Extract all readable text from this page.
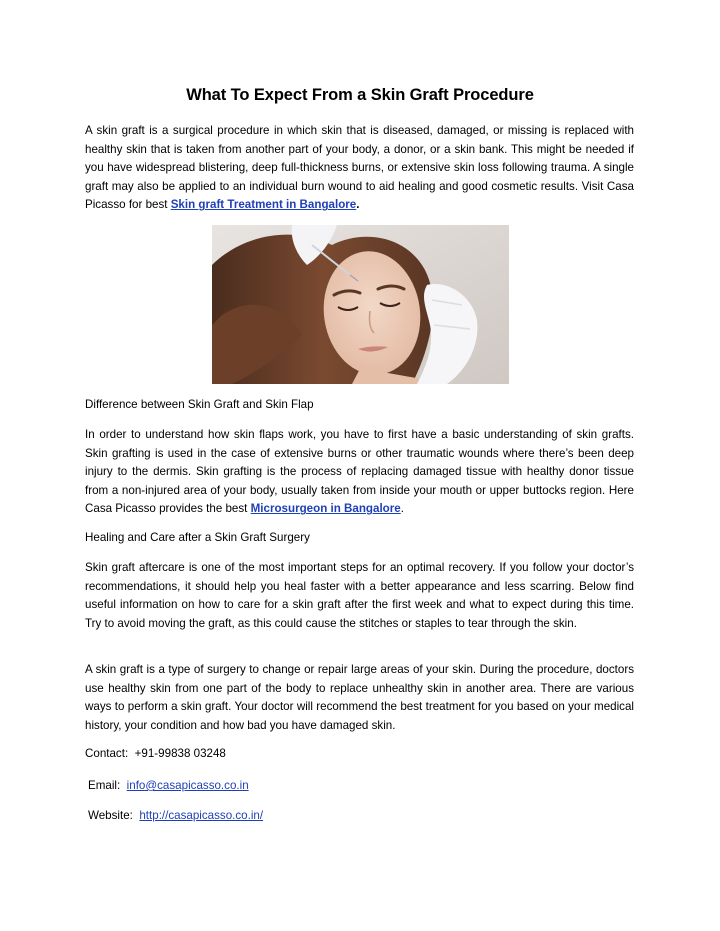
What To Expect From a Skin Graft Procedure

A skin graft is a surgical procedure in which skin that is diseased, damaged, or missing is replaced with healthy skin that is taken from another part of your body, a donor, or a skin bank. This might be needed if you have widespread blistering, deep full-thickness burns, or extensive skin loss following trauma. A single graft may also be applied to an individual burn wound to aid healing and good cosmetic results. Visit Casa Picasso for best Skin graft Treatment in Bangalore.

Difference between Skin Graft and Skin Flap

In order to understand how skin flaps work, you have to first have a basic understanding of skin grafts. Skin grafting is used in the case of extensive burns or other traumatic wounds where there’s been deep injury to the dermis. Skin grafting is the process of replacing damaged tissue with healthy donor tissue from a non-injured area of your body, usually taken from inside your mouth or upper buttocks region. Here Casa Picasso provides the best Microsurgeon in Bangalore.

Healing and Care after a Skin Graft Surgery

Skin graft aftercare is one of the most important steps for an optimal recovery. If you follow your doctor’s recommendations, it should help you heal faster with a better appearance and less scarring. Below find useful information on how to care for a skin graft after the first week and what to expect during this time. Try to avoid moving the graft, as this could cause the stitches or staples to tear through the skin.

A skin graft is a type of surgery to change or repair large areas of your skin. During the procedure, doctors use healthy skin from one part of the body to replace unhealthy skin in another area. There are various ways to perform a skin graft. Your doctor will recommend the best treatment for you based on your medical history, your condition and how bad you have damaged skin.

Contact: +91-99838 03248

Email: info@casapicasso.co.in

Website: http://casapicasso.co.in/
